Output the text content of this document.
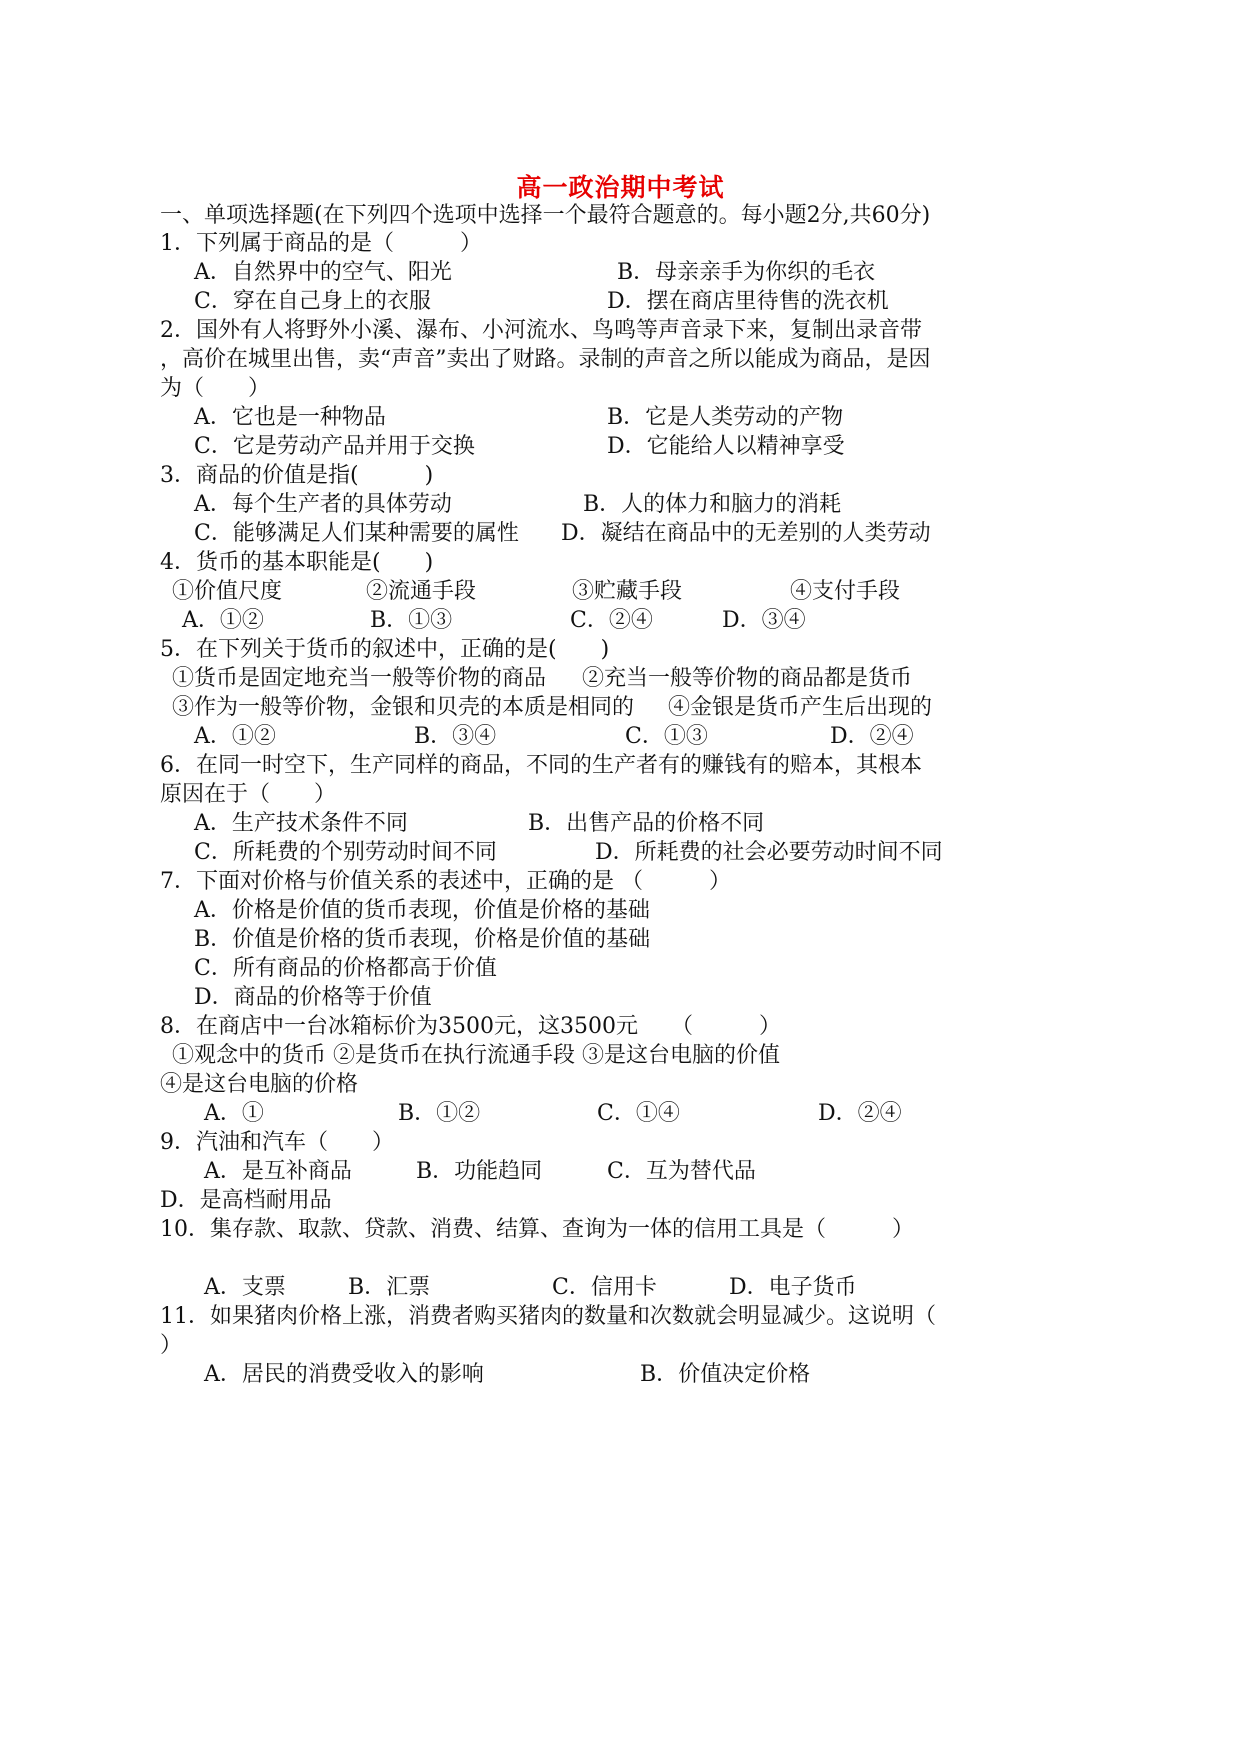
高一政治期中考试
一、单项选择题(在下列四个选项中选择一个最符合题意的。每小题2分,共60分)
1．下列属于商品的是（　　　）
A．自然界中的空气、阳光	B．母亲亲手为你织的毛衣
C．穿在自己身上的衣服	D．摆在商店里待售的洗衣机
2．国外有人将野外小溪、瀑布、小河流水、鸟鸣等声音录下来，复制出录音带
，高价在城里出售，卖“声音”卖出了财路。录制的声音之所以能成为商品，是因
为（　　）
A．它也是一种物品	B．它是人类劳动的产物
C．它是劳动产品并用于交换	D．它能给人以精神享受
3．商品的价值是指(　　　)
A．每个生产者的具体劳动	B．人的体力和脑力的消耗
C．能够满足人们某种需要的属性 D．凝结在商品中的无差别的人类劳动
4．货币的基本职能是(　　)
①价值尺度	②流通手段	③贮藏手段	④支付手段
A．①②	B．①③	C．②④	D．③④
5．在下列关于货币的叙述中，正确的是(　　)
①货币是固定地充当一般等价物的商品 ②充当一般等价物的商品都是货币
③作为一般等价物，金银和贝壳的本质是相同的 ④金银是货币产生后出现的
A．①②	B．③④	C．①③	D．②④
6．在同一时空下，生产同样的商品，不同的生产者有的赚钱有的赔本，其根本
原因在于（　　）
A．生产技术条件不同	B．出售产品的价格不同
C．所耗费的个别劳动时间不同	D．所耗费的社会必要劳动时间不同
7．下面对价格与价值关系的表述中，正确的是 （　　　）
A．价格是价值的货币表现，价值是价格的基础
B．价值是价格的货币表现，价格是价值的基础
C．所有商品的价格都高于价值
D．商品的价格等于价值
8．在商店中一台冰箱标价为3500元，这3500元　　（　　　）
①观念中的货币 ②是货币在执行流通手段 ③是这台电脑的价值
④是这台电脑的价格
A．①	B．①②	C．①④	D．②④
9．汽油和汽车（　　）
A．是互补商品	B．功能趋同	C．互为替代品
D．是高档耐用品
10．集存款、取款、贷款、消费、结算、查询为一体的信用工具是（　　　）
A．支票	B．汇票	C．信用卡	D．电子货币
11．如果猪肉价格上涨，消费者购买猪肉的数量和次数就会明显减少。这说明（
）
A．居民的消费受收入的影响	B．价值决定价格
